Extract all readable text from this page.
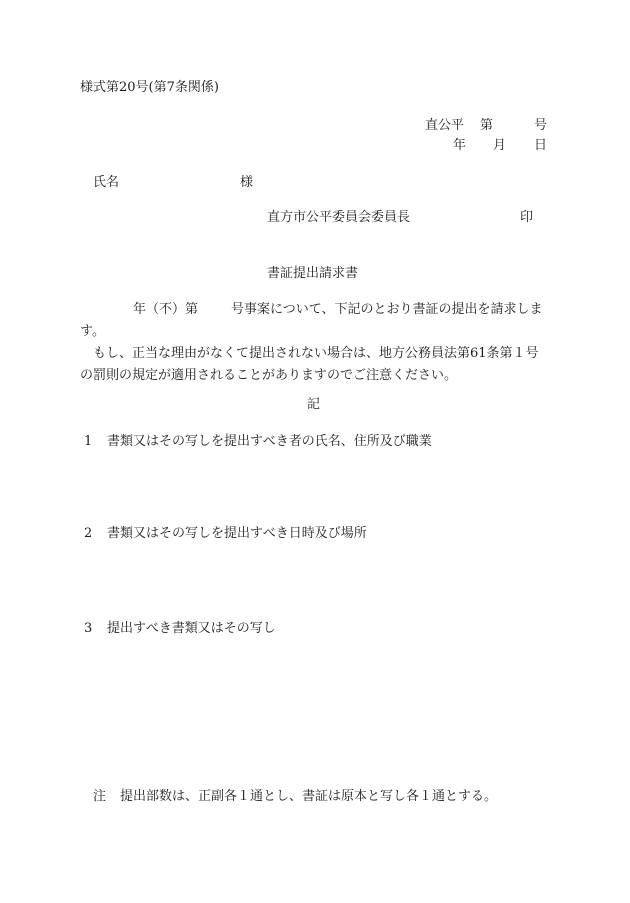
様式第20号(第7条関係)
直公平 第	号
年 月 日
氏名	様
直方市公平委員会委員長	印
書証提出請求書
年（不）第	号事案について、下記のとおり書証の提出を請求します。
もし、正当な理由がなくて提出されない場合は、地方公務員法第61条第１号の罰則の規定が適用されることがありますのでご注意ください。
記
1 書類又はその写しを提出すべき者の氏名、住所及び職業
2 書類又はその写しを提出すべき日時及び場所
3 提出すべき書類又はその写し
注 提出部数は、正副各１通とし、書証は原本と写し各１通とする。
